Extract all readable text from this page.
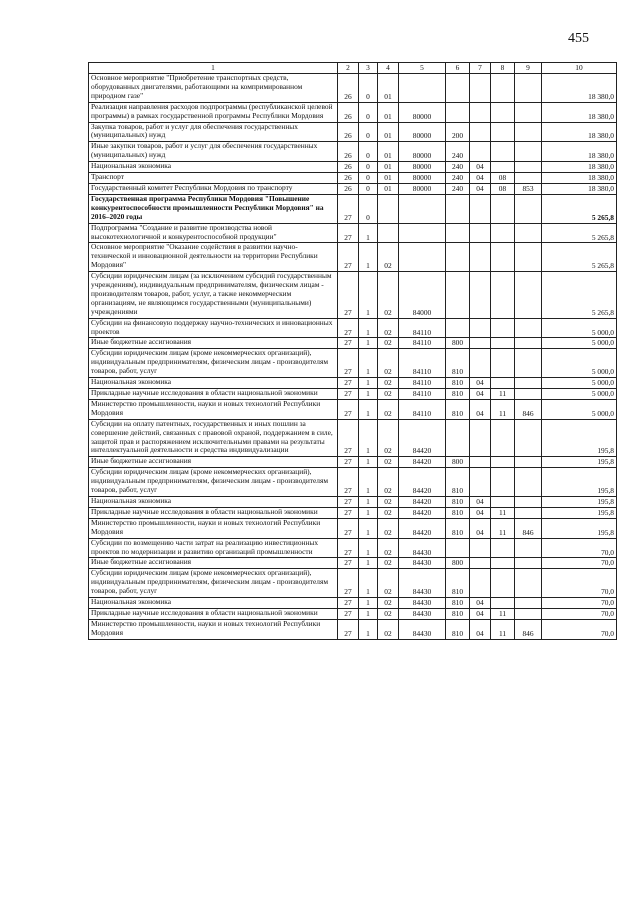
455
1	2	3	4	5	6	7	8	9	10
Основное мероприятие "Приобретение транспортных средств, оборудованных двигателями, работающими на компримированном природном газе"	26	0	01						18 380,0
Реализация направления расходов подпрограммы (республиканской целевой программы) в рамках государственной программы Республики Мордовия	26	0	01	80000					18 380,0
Закупка товаров, работ и услуг для обеспечения государственных (муниципальных) нужд	26	0	01	80000	200				18 380,0
Иные закупки товаров, работ и услуг для обеспечения государственных (муниципальных) нужд	26	0	01	80000	240				18 380,0
Национальная экономика	26	0	01	80000	240	04			18 380,0
Транспорт	26	0	01	80000	240	04	08		18 380,0
Государственный комитет Республики Мордовия по транспорту	26	0	01	80000	240	04	08	853	18 380,0
Государственная программа Республики Мордовия "Повышение конкурентоспособности промышленности Республики Мордовия" на 2016–2020 годы	27	0							5 265,8
Подпрограмма "Создание и развитие производства новой высокотехнологичной и конкурентоспособной продукции"	27	1							5 265,8
Основное мероприятие "Оказание содействия в развитии научно-технической и инновационной деятельности на территории Республики Мордовия"	27	1	02						5 265,8
Субсидии юридическим лицам (за исключением субсидий государственным учреждениям), индивидуальным предпринимателям, физическим лицам - производителям товаров, работ, услуг, а также некоммерческим организациям, не являющимся государственными (муниципальными) учреждениями	27	1	02	84000					5 265,8
Субсидии на финансовую поддержку научно-технических и инновационных проектов	27	1	02	84110					5 000,0
Иные бюджетные ассигнования	27	1	02	84110	800				5 000,0
Субсидии юридическим лицам (кроме некоммерческих организаций), индивидуальным предпринимателям, физическим лицам - производителям товаров, работ, услуг	27	1	02	84110	810				5 000,0
Национальная экономика	27	1	02	84110	810	04			5 000,0
Прикладные научные исследования в области национальной экономики	27	1	02	84110	810	04	11		5 000,0
Министерство промышленности, науки и новых технологий Республики Мордовия	27	1	02	84110	810	04	11	846	5 000,0
Субсидии на оплату патентных, государственных и иных пошлин за совершение действий, связанных с правовой охраной, поддержанием в силе, защитой прав и распоряжением исключительными правами на результаты интеллектуальной деятельности и средства индивидуализации	27	1	02	84420					195,8
Иные бюджетные ассигнования	27	1	02	84420	800				195,8
Субсидии юридическим лицам (кроме некоммерческих организаций), индивидуальным предпринимателям, физическим лицам - производителям товаров, работ, услуг	27	1	02	84420	810				195,8
Национальная экономика	27	1	02	84420	810	04			195,8
Прикладные научные исследования в области национальной экономики	27	1	02	84420	810	04	11		195,8
Министерство промышленности, науки и новых технологий Республики Мордовия	27	1	02	84420	810	04	11	846	195,8
Субсидии по возмещению части затрат на реализацию инвестиционных проектов по модернизации и развитию организаций промышленности	27	1	02	84430					70,0
Иные бюджетные ассигнования	27	1	02	84430	800				70,0
Субсидии юридическим лицам (кроме некоммерческих организаций), индивидуальным предпринимателям, физическим лицам - производителям товаров, работ, услуг	27	1	02	84430	810				70,0
Национальная экономика	27	1	02	84430	810	04			70,0
Прикладные научные исследования в области национальной экономики	27	1	02	84430	810	04	11		70,0
Министерство промышленности, науки и новых технологий Республики Мордовия	27	1	02	84430	810	04	11	846	70,0
